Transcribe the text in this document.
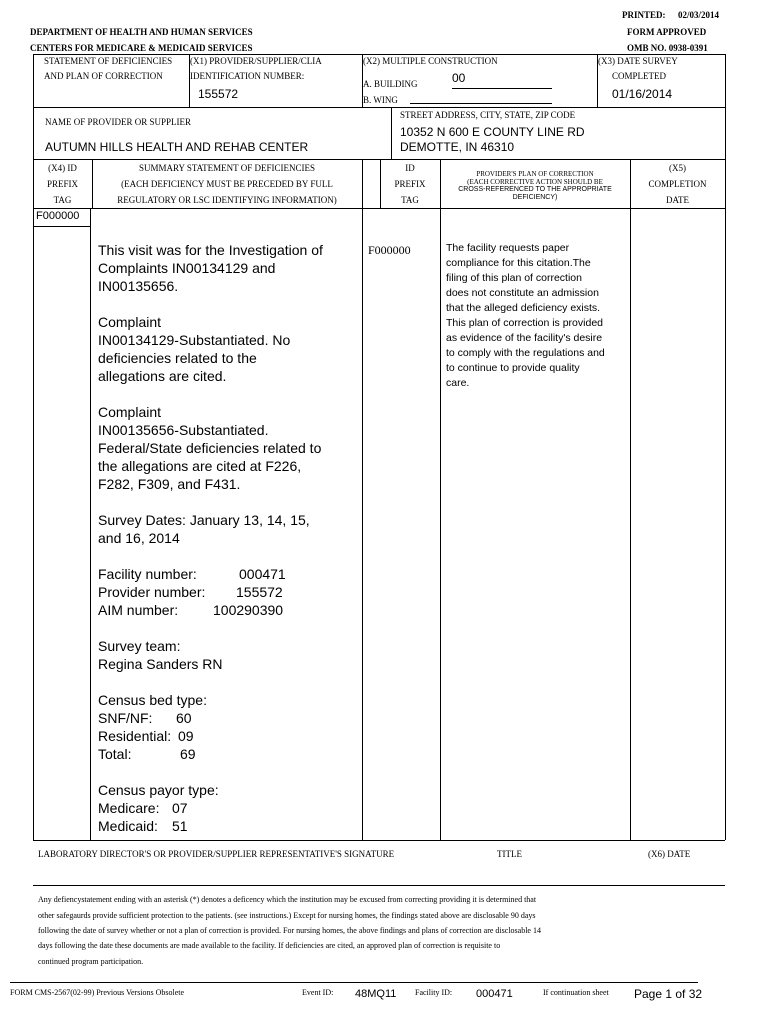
PRINTED: 02/03/2014
DEPARTMENT OF HEALTH AND HUMAN SERVICES	FORM APPROVED
CENTERS FOR MEDICARE & MEDICAID SERVICES	OMB NO. 0938-0391
STATEMENT OF DEFICIENCIES
AND PLAN OF CORRECTION
(X1) PROVIDER/SUPPLIER/CLIA
IDENTIFICATION NUMBER:
155572
(X2) MULTIPLE CONSTRUCTION
00
A. BUILDING
B. WING
(X3) DATE SURVEY
COMPLETED
01/16/2014
NAME OF PROVIDER OR SUPPLIER
AUTUMN HILLS HEALTH AND REHAB CENTER
STREET ADDRESS, CITY, STATE, ZIP CODE
10352 N 600 E COUNTY LINE RD
DEMOTTE, IN 46310
(X4) ID
PREFIX
TAG
SUMMARY STATEMENT OF DEFICIENCIES
(EACH DEFICIENCY MUST BE PRECEDED BY FULL
REGULATORY OR LSC IDENTIFYING INFORMATION)
ID
PREFIX
TAG
PROVIDER'S PLAN OF CORRECTION
(EACH CORRECTIVE ACTION SHOULD BE
CROSS-REFERENCED TO THE APPROPRIATE
DEFICIENCY)
(X5)
COMPLETION
DATE
F000000
This visit was for the Investigation of
Complaints IN00134129 and
IN00135656.
Complaint
IN00134129-Substantiated. No
deficiencies related to the
allegations are cited.
Complaint
IN00135656-Substantiated.
Federal/State deficiencies related to
the allegations are cited at F226,
F282, F309, and F431.
Survey Dates: January 13, 14, 15,
and 16, 2014
Facility number:	000471
Provider number:	155572
AIM number:	100290390
Survey team:
Regina Sanders RN
Census bed type:
SNF/NF:	60
Residential: 09
Total:	69
Census payor type:
Medicare: 07
Medicaid:	51
F000000	The facility requests paper
compliance for this citation.The
filing of this plan of correction
does not constitute an admission
that the alleged deficiency exists.
This plan of correction is provided
as evidence of the facility's desire
to comply with the regulations and
to continue to provide quality
care.
LABORATORY DIRECTOR'S OR PROVIDER/SUPPLIER REPRESENTATIVE'S SIGNATURE	TITLE	(X6) DATE
Any defiencystatement ending with an asterisk (*) denotes a deficency which the institution may be excused from correcting providing it is determined that
other safegaurds provide sufficient protection to the patients. (see instructions.) Except for nursing homes, the findings stated above are disclosable 90 days
following the date of survey whether or not a plan of correction is provided. For nursing homes, the above findings and plans of correction are disclosable 14
days following the date these documents are made available to the facility. If deficiencies are cited, an approved plan of correction is requisite to
continued program participation.
FORM CMS-2567(02-99) Previous Versions Obsolete	Event ID: 48MQ11 Facility ID: 000471	If continuation sheet Page 1 of 32
